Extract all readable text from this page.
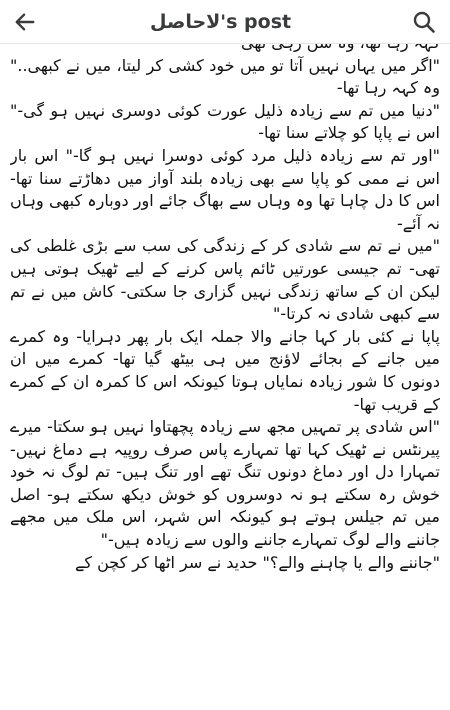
لاحاصل's post

"اگر میں یہاں نہیں آتا تو میں خود کشی کر لیتا، میں نے کبھی.." وہ کہہ رہا تھا-

"دنیا میں تم سے زیادہ ذلیل عورت کوئی دوسری نہیں ہو گی-" اس نے پاپا کو چلاتے سنا تھا-

"اور تم سے زیادہ ذلیل مرد کوئی دوسرا نہیں ہو گا-" اس بار اس نے ممی کو پاپا سے بھی زیادہ بلند آواز میں دھاڑتے سنا تھا- اس کا دل چاہا تھا وہ وہاں سے بھاگ جائے اور دوبارہ کبھی وہاں نہ آئے-

"میں نے تم سے شادی کر کے زندگی کی سب سے بڑی غلطی کی تھی- تم جیسی عورتیں ٹائم پاس کرنے کے لیے ٹھیک ہوتی ہیں لیکن ان کے ساتھ زندگی نہیں گزاری جا سکتی- کاش میں نے تم سے کبھی شادی نہ کرتا-"

پاپا نے کئی بار کہا جانے والا جملہ ایک بار پھر دہرایا- وہ کمرے میں جانے کے بجائے لاؤنج میں ہی بیٹھ گیا تھا- کمرے میں ان دونوں کا شور زیادہ نمایاں ہوتا کیونکہ اس کا کمرہ ان کے کمرے کے قریب تھا-

"اس شادی پر تمہیں مجھ سے زیادہ پچھتاوا نہیں ہو سکتا- میرے پیرنٹس نے ٹھیک کہا تھا تمہارے پاس صرف روپیہ ہے دماغ نہیں- تمہارا دل اور دماغ دونوں تنگ تھے اور تنگ ہیں- تم لوگ نہ خود خوش رہ سکتے ہو نہ دوسروں کو خوش دیکھ سکتے ہو- اصل میں تم جیلس ہوتے ہو کیونکہ اس شہر، اس ملک میں مجھے جاننے والے لوگ تمہارے جاننے والوں سے زیادہ ہیں-"

"جاننے والے یا چاہنے والے؟" حدید نے سر اٹھا کر کچن کے
